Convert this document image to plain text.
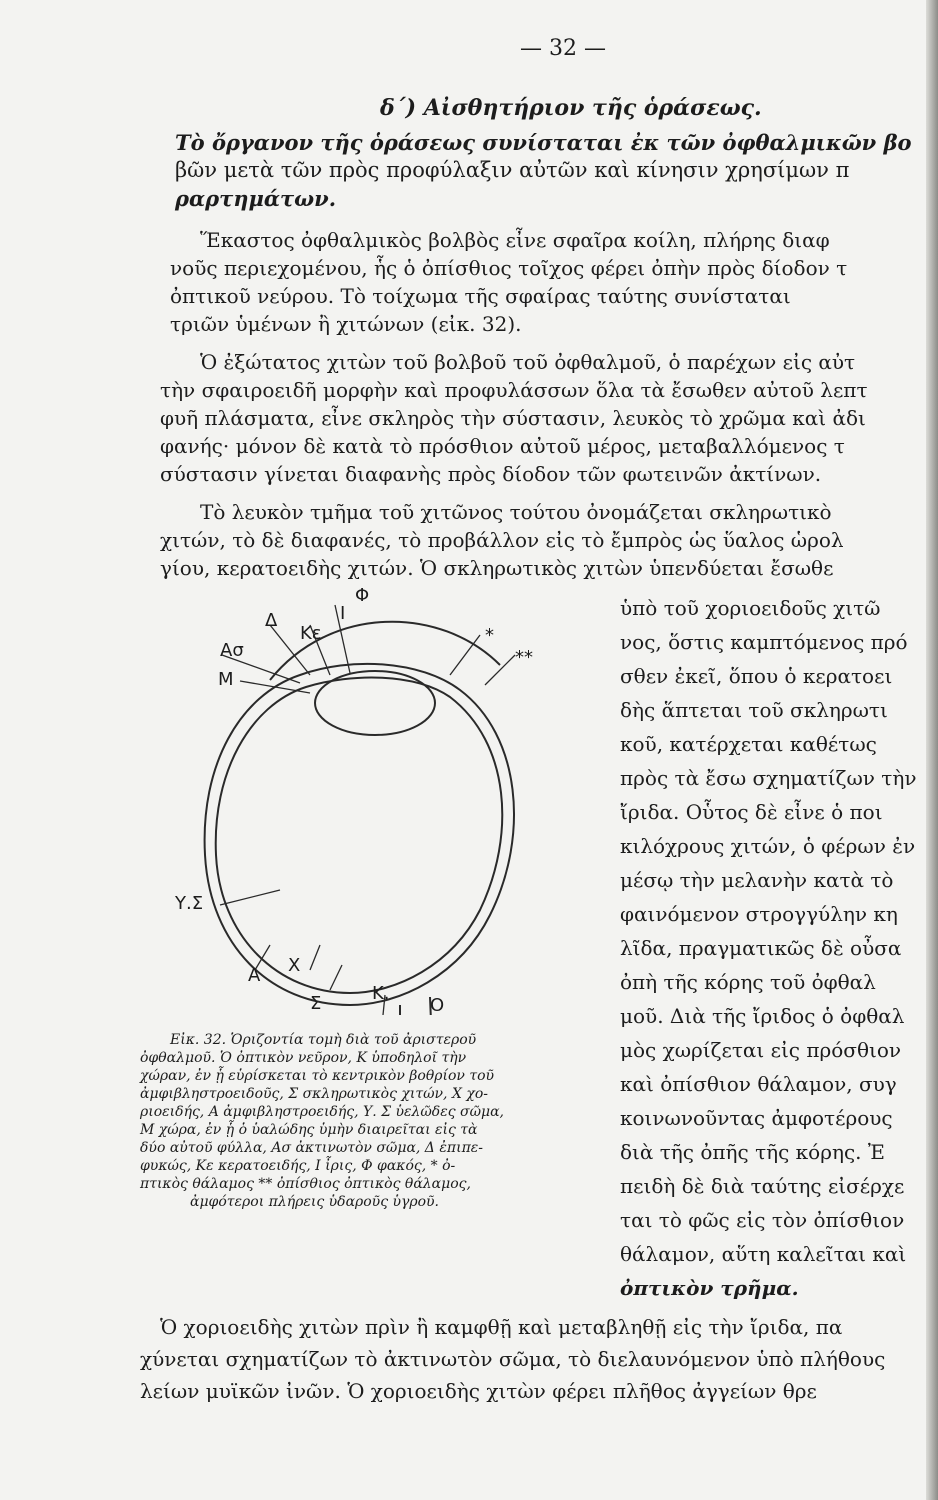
— 32 —
δ΄) Αἰσθητήριον τῆς ὁράσεως.
Τὸ ὄργανον τῆς ὁράσεως συνίσταται ἐκ τῶν ὀφθαλμικῶν βο
βῶν μετὰ τῶν πρὸς προφύλαξιν αὐτῶν καὶ κίνησιν χρησίμων π
ραρτημάτων.
Ἕκαστος ὀφθαλμικὸς βολβὸς εἶνε σφαῖρα κοίλη, πλήρης διαφ
νοῦς περιεχομένου, ἧς ὁ ὀπίσθιος τοῖχος φέρει ὀπὴν πρὸς δίοδον τ
ὀπτικοῦ νεύρου. Τὸ τοίχωμα τῆς σφαίρας ταύτης συνίσταται
τριῶν ὑμένων ἢ χιτώνων (εἰκ. 32).
Ὁ ἐξώτατος χιτὼν τοῦ βολβοῦ τοῦ ὀφθαλμοῦ, ὁ παρέχων εἰς αὐτ
τὴν σφαιροειδῆ μορφὴν καὶ προφυλάσσων ὅλα τὰ ἔσωθεν αὐτοῦ λεπτ
φυῆ πλάσματα, εἶνε σκληρὸς τὴν σύστασιν, λευκὸς τὸ χρῶμα καὶ ἀδι
φανής· μόνον δὲ κατὰ τὸ πρόσθιον αὐτοῦ μέρος, μεταβαλλόμενος τ
σύστασιν γίνεται διαφανὴς πρὸς δίοδον τῶν φωτεινῶν ἀκτίνων.
Τὸ λευκὸν τμῆμα τοῦ χιτῶνος τούτου ὀνομάζεται σκληρωτικὸ
χιτών, τὸ δὲ διαφανές, τὸ προβάλλον εἰς τὸ ἔμπρὸς ὡς ὕαλος ὡρολ
γίου, κερατοειδὴς χιτών. Ὁ σκληρωτικὸς χιτὼν ὑπενδύεται ἔσωθε
Φ
Δ
Κε
Ι
Ασ
Μ
*
**
Υ.Σ
Α Χ
Σ	Κ.
Ο
Εἰκ. 32. Ὁριζοντία τομὴ διὰ τοῦ ἀριστεροῦ
ὀφθαλμοῦ. Ὁ ὀπτικὸν νεῦρον, Κ ὑποδηλοῖ τὴν
χώραν, ἐν ᾗ εὑρίσκεται τὸ κεντρικὸν βοθρίον τοῦ
ἀμφιβληστροειδοῦς, Σ σκληρωτικὸς χιτών, Χ χο-
ριοειδής, Α ἀμφιβληστροειδής, Υ. Σ ὑελῶδες σῶμα,
Μ χώρα, ἐν ᾗ ὁ ὑαλώδης ὑμὴν διαιρεῖται εἰς τὰ
δύο αὐτοῦ φύλλα, Ασ ἀκτινωτὸν σῶμα, Δ ἐπιπε-
φυκώς, Κε κερατοειδής, Ι ἶρις, Φ φακός, * ὀ-
πτικὸς θάλαμος ** ὀπίσθιος ὀπτικὸς θάλαμος,
ἀμφότεροι πλήρεις ὑδαροῦς ὑγροῦ.
ὑπὸ τοῦ χοριοειδοῦς χιτῶ
νος, ὅστις καμπτόμενος πρό
σθεν ἐκεῖ, ὅπου ὁ κερατοει
δὴς ἅπτεται τοῦ σκληρωτι
κοῦ, κατέρχεται καθέτως
πρὸς τὰ ἔσω σχηματίζων τὴν
ἴριδα. Οὗτος δὲ εἶνε ὁ ποι
κιλόχρους χιτών, ὁ φέρων ἐν
μέσῳ τὴν μελανὴν κατὰ τὸ
φαινόμενον στρογγύλην κη
λῖδα, πραγματικῶς δὲ οὖσα
ὀπὴ τῆς κόρης τοῦ ὀφθαλ
μοῦ. Διὰ τῆς ἴριδος ὁ ὀφθαλ
μὸς χωρίζεται εἰς πρόσθιον
καὶ ὀπίσθιον θάλαμον, συγ
κοινωνοῦντας ἀμφοτέρους
διὰ τῆς ὀπῆς τῆς κόρης. Ἐ
πειδὴ δὲ διὰ ταύτης εἰσέρχε
ται τὸ φῶς εἰς τὸν ὀπίσθιον
θάλαμον, αὕτη καλεῖται καὶ
ὀπτικὸν τρῆμα.
Ὁ χοριοειδὴς χιτὼν πρὶν ἢ καμφθῇ καὶ μεταβληθῇ εἰς τὴν ἴριδα, πα
χύνεται σχηματίζων τὸ ἀκτινωτὸν σῶμα, τὸ διελαυνόμενον ὑπὸ πλήθους
λείων μυϊκῶν ἰνῶν. Ὁ χοριοειδὴς χιτὼν φέρει πλῆθος ἀγγείων θρε
